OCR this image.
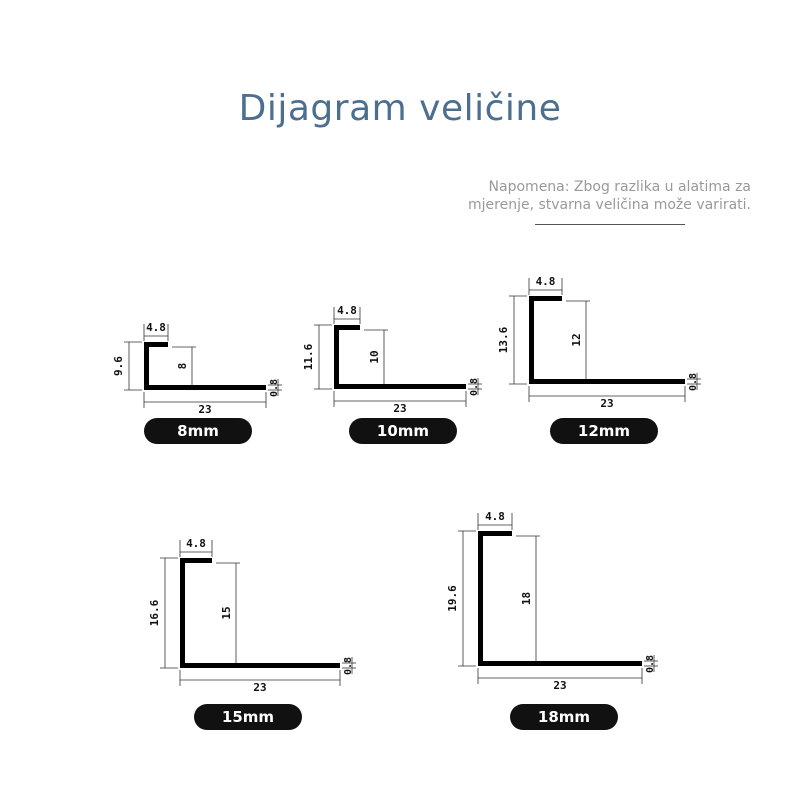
Dijagram veličine
Napomena: Zbog razlika u alatima za
mjerenje, stvarna veličina može varirati.
9.6	8
4.8
23
0.8
11.6	10
4.8
23
0.8
13.6	12
4.8
23
0.8
16.6	15
4.8
23
0.8
19.6	18
4.8
23
0.8
8mm	10mm	12mm
15mm	18mm
